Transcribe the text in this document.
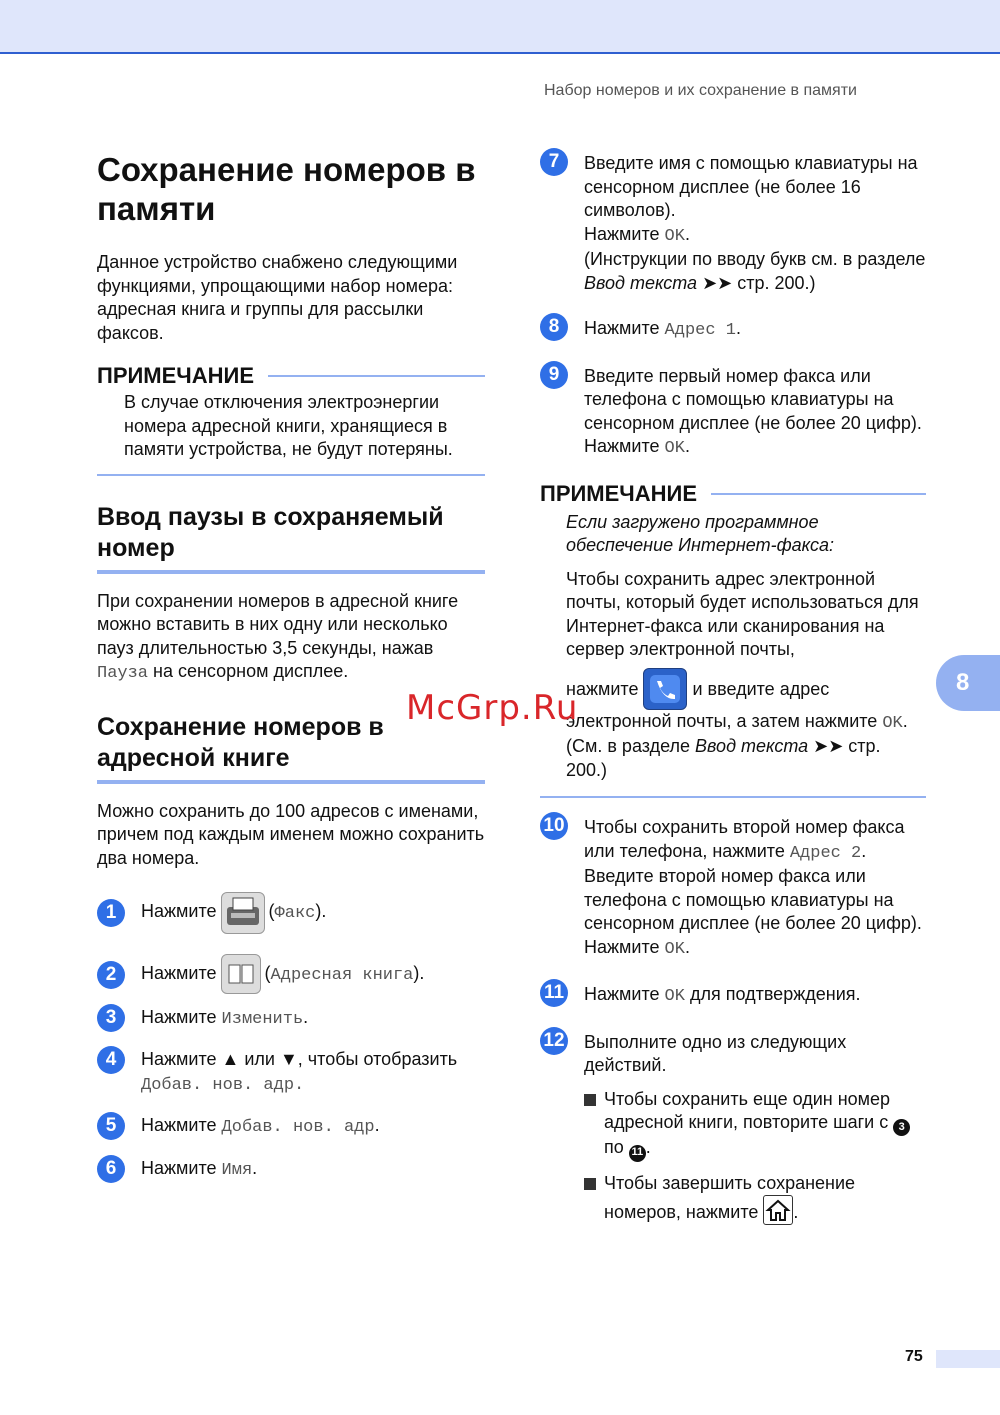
Набор номеров и их сохранение в памяти
Сохранение номеров в памяти

Данное устройство снабжено следующими функциями, упрощающими набор номера: адресная книга и группы для рассылки факсов.

ПРИМЕЧАНИЕ

В случае отключения электроэнергии номера адресной книги, хранящиеся в памяти устройства, не будут потеряны.

Ввод паузы в сохраняемый номер

При сохранении номеров в адресной книге можно вставить в них одну или несколько пауз длительностью 3,5 секунды, нажав Пауза на сенсорном дисплее.

Сохранение номеров в адресной книге

Можно сохранить до 100 адресов с именами, причем под каждым именем можно сохранить два номера.

1	Нажмите	(Факс).
2	Нажмите	(Адресная книга).
3	Нажмите Изменить.
4	Нажмите ▲ или ▼, чтобы отобразить
Добав. нов. адр.
5	Нажмите Добав. нов. адр.
6	Нажмите Имя.
7	Введите имя с помощью клавиатуры на сенсорном дисплее (не более 16 символов).
Нажмите OK.
(Инструкции по вводу букв см. в разделе Ввод текста ➤➤ стр. 200.)
8	Нажмите Адрес 1.
9	Введите первый номер факса или телефона с помощью клавиатуры на сенсорном дисплее (не более 20 цифр).
Нажмите OK.
ПРИМЕЧАНИЕ

Если загружено программное обеспечение Интернет-факса:

Чтобы сохранить адрес электронной почты, который будет использоваться для Интернет-факса или сканирования на сервер электронной почты,

нажмите  и введите адрес электронной почты, а затем нажмите OK. (См. в разделе Ввод текста ➤➤ стр. 200.)

10 Чтобы сохранить второй номер факса или телефона, нажмите Адрес 2.
Введите второй номер факса или телефона с помощью клавиатуры на сенсорном дисплее (не более 20 цифр).
Нажмите OK.
11 Нажмите OK для подтверждения.
12 Выполните одно из следующих действий.
Чтобы сохранить еще один номер адресной книги, повторите шаги с 3 по 11 .
Чтобы завершить сохранение номеров, нажмите .
8
McGrp.Ru
75
